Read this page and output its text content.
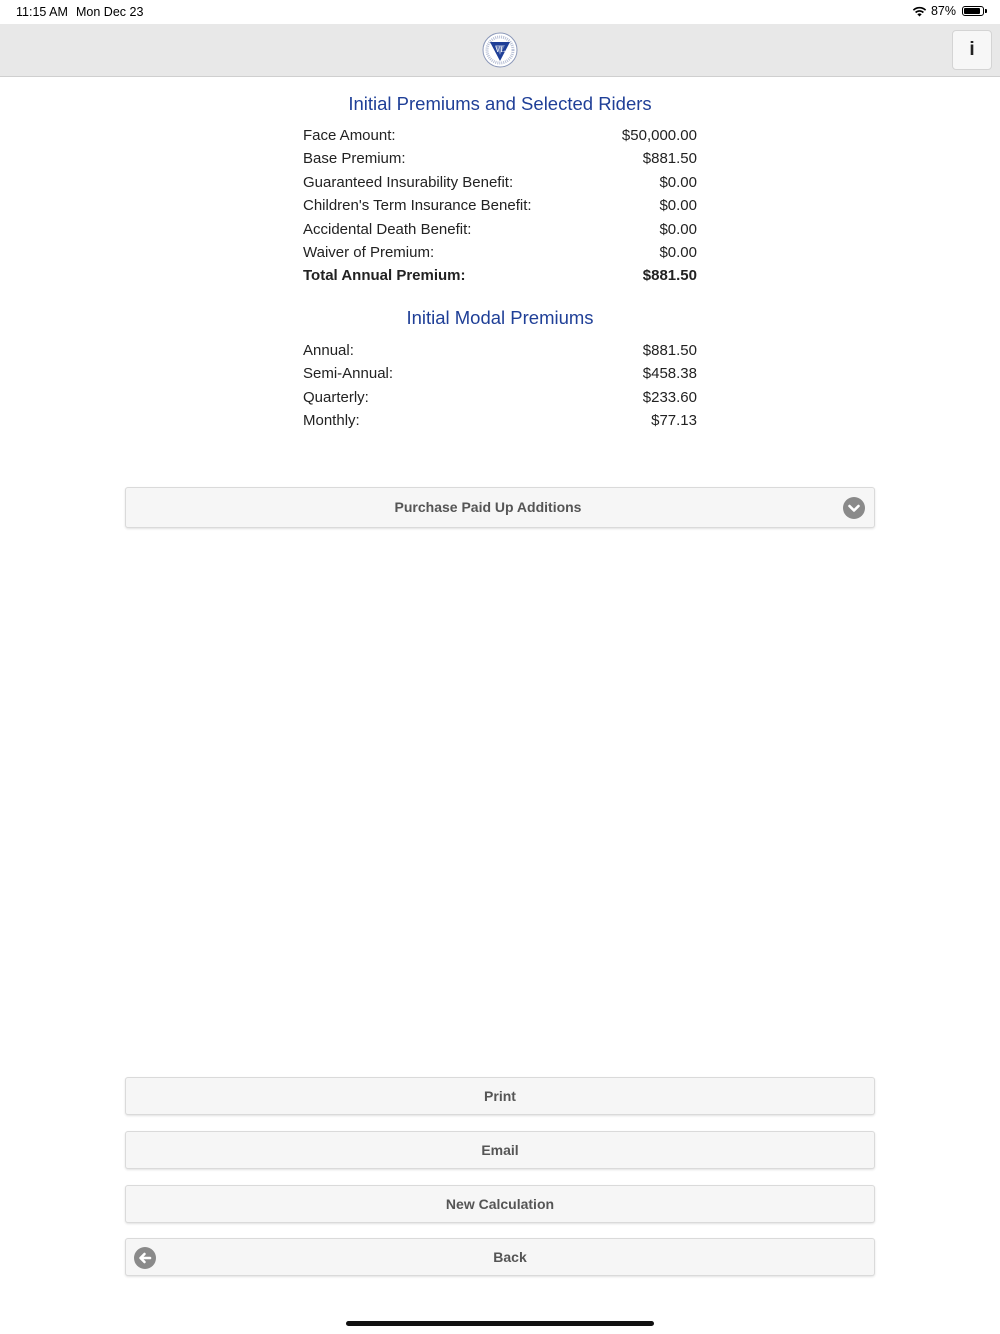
11:15 AM Mon Dec 23	87%
VL	i
Initial Premiums and Selected Riders
Face Amount:	$50,000.00
Base Premium:	$881.50
Guaranteed Insurability Benefit:	$0.00
Children's Term Insurance Benefit:	$0.00
Accidental Death Benefit:	$0.00
Waiver of Premium:	$0.00
Total Annual Premium:	$881.50
Initial Modal Premiums
Annual:	$881.50
Semi-Annual:	$458.38
Quarterly:	$233.60
Monthly:	$77.13
Purchase Paid Up Additions
Print
Email
New Calculation
Back
